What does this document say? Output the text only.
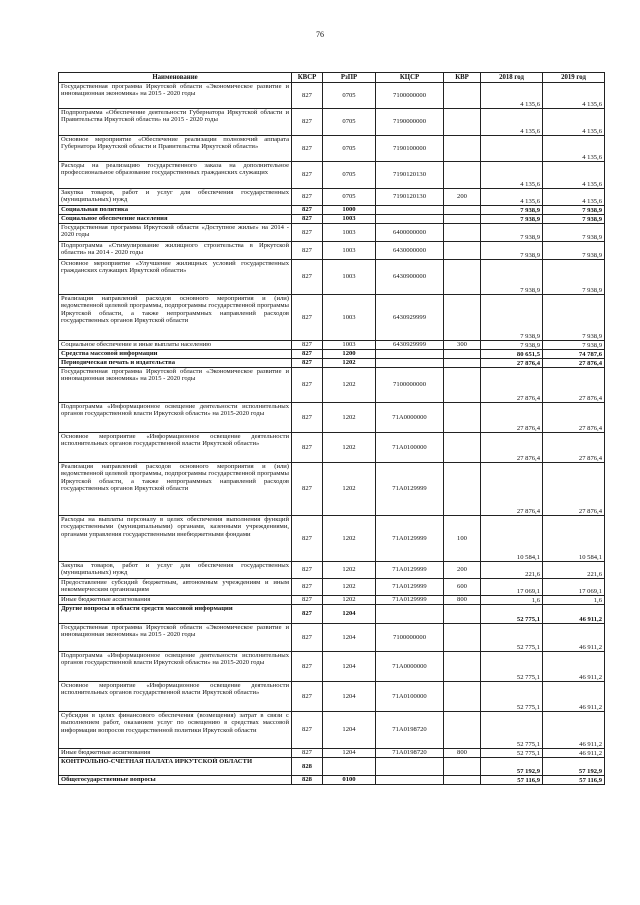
76
Наименование	КВСР	РзПР	КЦСР	КВР	2018 год	2019 год
Государственная программа Иркутской области «Экономическое развитие и инновационная экономика» на 2015 - 2020 годы	827	0705	7100000000		4 135,6	4 135,6
Подпрограмма «Обеспечение деятельности Губернатора Иркутской области и Правительства Иркутской области» на 2015 - 2020 годы	827	0705	7190000000		4 135,6	4 135,6
Основное мероприятие «Обеспечение реализации полномочий аппарата Губернатора Иркутской области и Правительства Иркутской области»	827	0705	7190100000			4 135,6
Расходы на реализацию государственного заказа на дополнительное профессиональное образование государственных гражданских служащих	827	0705	7190120130		4 135,6	4 135,6
Закупка товаров, работ и услуг для обеспечения государственных (муниципальных) нужд	827	0705	7190120130	200	4 135,6	4 135,6
Социальная политика	827	1000			7 938,9	7 938,9
Социальное обеспечение населения	827	1003			7 938,9	7 938,9
Государственная программа Иркутской области «Доступное жилье» на 2014 - 2020 годы	827	1003	6400000000		7 938,9	7 938,9
Подпрограмма «Стимулирование жилищного строительства в Иркутской области» на 2014 - 2020 годы	827	1003	6430000000		7 938,9	7 938,9
Основное мероприятие «Улучшение жилищных условий государственных гражданских служащих Иркутской области»	827	1003	6430900000		7 938,9	7 938,9
Реализация направлений расходов основного мероприятия и (или) ведомственной целевой программы, подпрограммы государственной программы Иркутской области, а также непрограммных направлений расходов государственных органов Иркутской области	827	1003	6430929999		7 938,9	7 938,9
Социальное обеспечение и иные выплаты населению	827	1003	6430929999	300	7 938,9	7 938,9
Средства массовой информации	827	1200			80 651,5	74 787,6
Периодическая печать и издательства	827	1202			27 876,4	27 876,4
Государственная программа Иркутской области «Экономическое развитие и инновационная экономика» на 2015 - 2020 годы	827	1202	7100000000		27 876,4	27 876,4
Подпрограмма «Информационное освещение деятельности исполнительных органов государственной власти Иркутской области» на 2015-2020 годы	827	1202	71А0000000		27 876,4	27 876,4
Основное мероприятие «Информационное освещение деятельности исполнительных органов государственной власти Иркутской области»	827	1202	71А0100000		27 876,4	27 876,4
Реализация направлений расходов основного мероприятия и (или) ведомственной целевой программы, подпрограммы государственной программы Иркутской области, а также непрограммных направлений расходов государственных органов Иркутской области	827	1202	71А0129999		27 876,4	27 876,4
Расходы на выплаты персоналу в целях обеспечения выполнения функций государственными (муниципальными) органами, казенными учреждениями, органами управления государственными внебюджетными фондами	827	1202	71А0129999	100	10 584,1	10 584,1
Закупка товаров, работ и услуг для обеспечения государственных (муниципальных) нужд	827	1202	71А0129999	200	221,6	221,6
Предоставление субсидий бюджетным, автономным учреждениям и иным некоммерческим организациям	827	1202	71А0129999	600	17 069,1	17 069,1
Иные бюджетные ассигнования	827	1202	71А0129999	800	1,6	1,6
Другие вопросы в области средств массовой информации	827	1204			52 775,1	46 911,2
Государственная программа Иркутской области «Экономическое развитие и инновационная экономика» на 2015 - 2020 годы	827	1204	7100000000		52 775,1	46 911,2
Подпрограмма «Информационное освещение деятельности исполнительных органов государственной власти Иркутской области» на 2015-2020 годы	827	1204	71А0000000		52 775,1	46 911,2
Основное мероприятие «Информационное освещение деятельности исполнительных органов государственной власти Иркутской области»	827	1204	71А0100000		52 775,1	46 911,2
Субсидия в целях финансового обеспечения (возмещения) затрат в связи с выполнением работ, оказанием услуг по освещению в средствах массовой информации вопросов государственной политики Иркутской области	827	1204	71А0198720		52 775,1	46 911,2
Иные бюджетные ассигнования	827	1204	71А0198720	800	52 775,1	46 911,2
КОНТРОЛЬНО-СЧЕТНАЯ ПАЛАТА ИРКУТСКОЙ ОБЛАСТИ	828				57 192,9	57 192,9
Общегосударственные вопросы	828	0100			57 116,9	57 116,9
